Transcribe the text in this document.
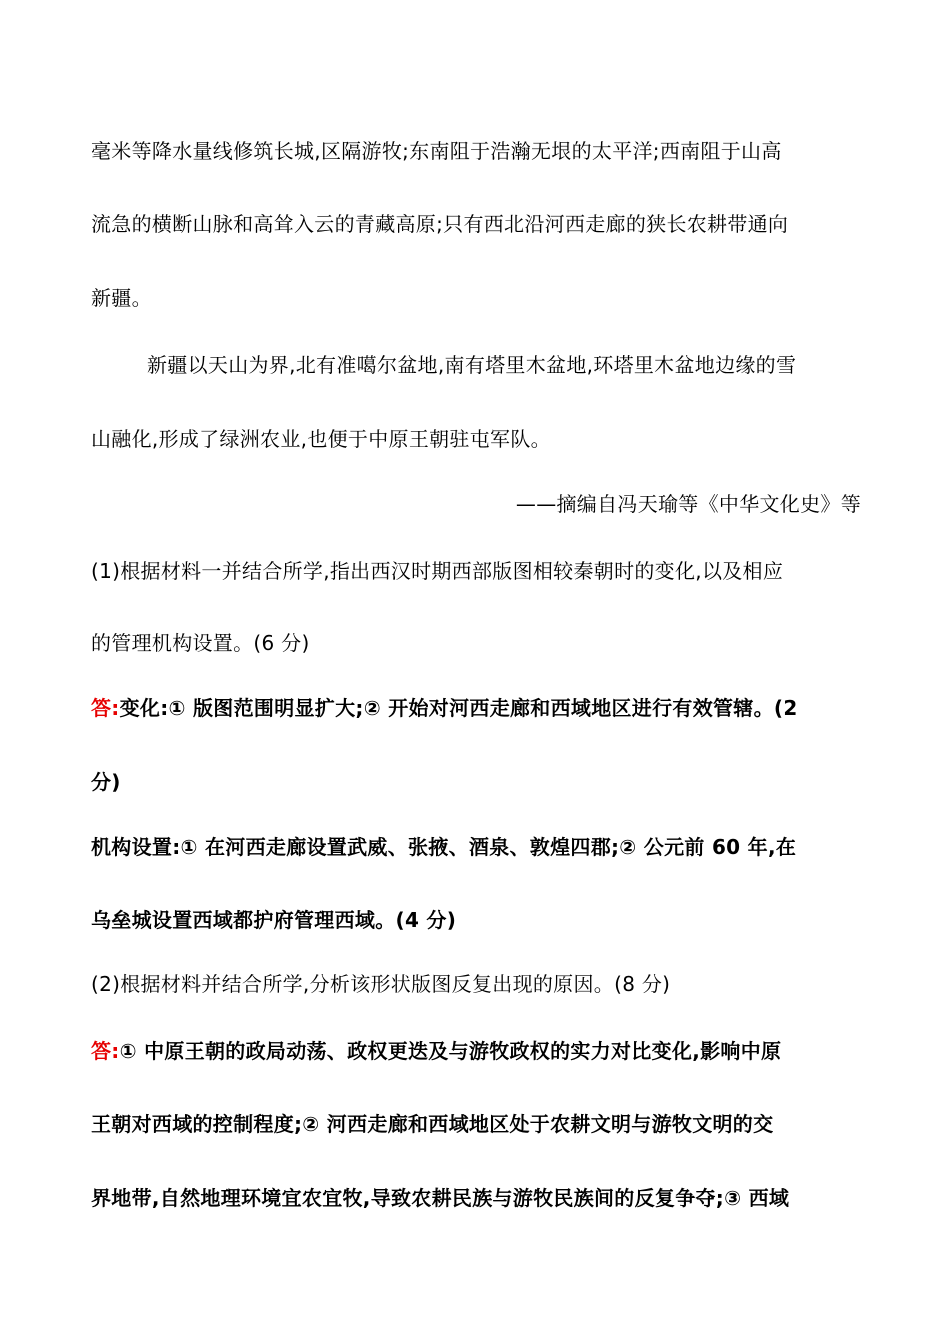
毫米等降水量线修筑长城,区隔游牧;东南阻于浩瀚无垠的太平洋;西南阻于山高
流急的横断山脉和高耸入云的青藏高原;只有西北沿河西走廊的狭长农耕带通向
新疆。
新疆以天山为界,北有准噶尔盆地,南有塔里木盆地,环塔里木盆地边缘的雪
山融化,形成了绿洲农业,也便于中原王朝驻屯军队。
——摘编自冯天瑜等《中华文化史》等
(1)根据材料一并结合所学,指出西汉时期西部版图相较秦朝时的变化,以及相应
的管理机构设置。(6 分)
答:变化:① 版图范围明显扩大;② 开始对河西走廊和西域地区进行有效管辖。(2
分)
机构设置:① 在河西走廊设置武威、张掖、酒泉、敦煌四郡;② 公元前 60 年,在
乌垒城设置西域都护府管理西域。(4 分)
(2)根据材料并结合所学,分析该形状版图反复出现的原因。(8 分)
答:① 中原王朝的政局动荡、政权更迭及与游牧政权的实力对比变化,影响中原
王朝对西域的控制程度;② 河西走廊和西域地区处于农耕文明与游牧文明的交
界地带,自然地理环境宜农宜牧,导致农耕民族与游牧民族间的反复争夺;③ 西域
